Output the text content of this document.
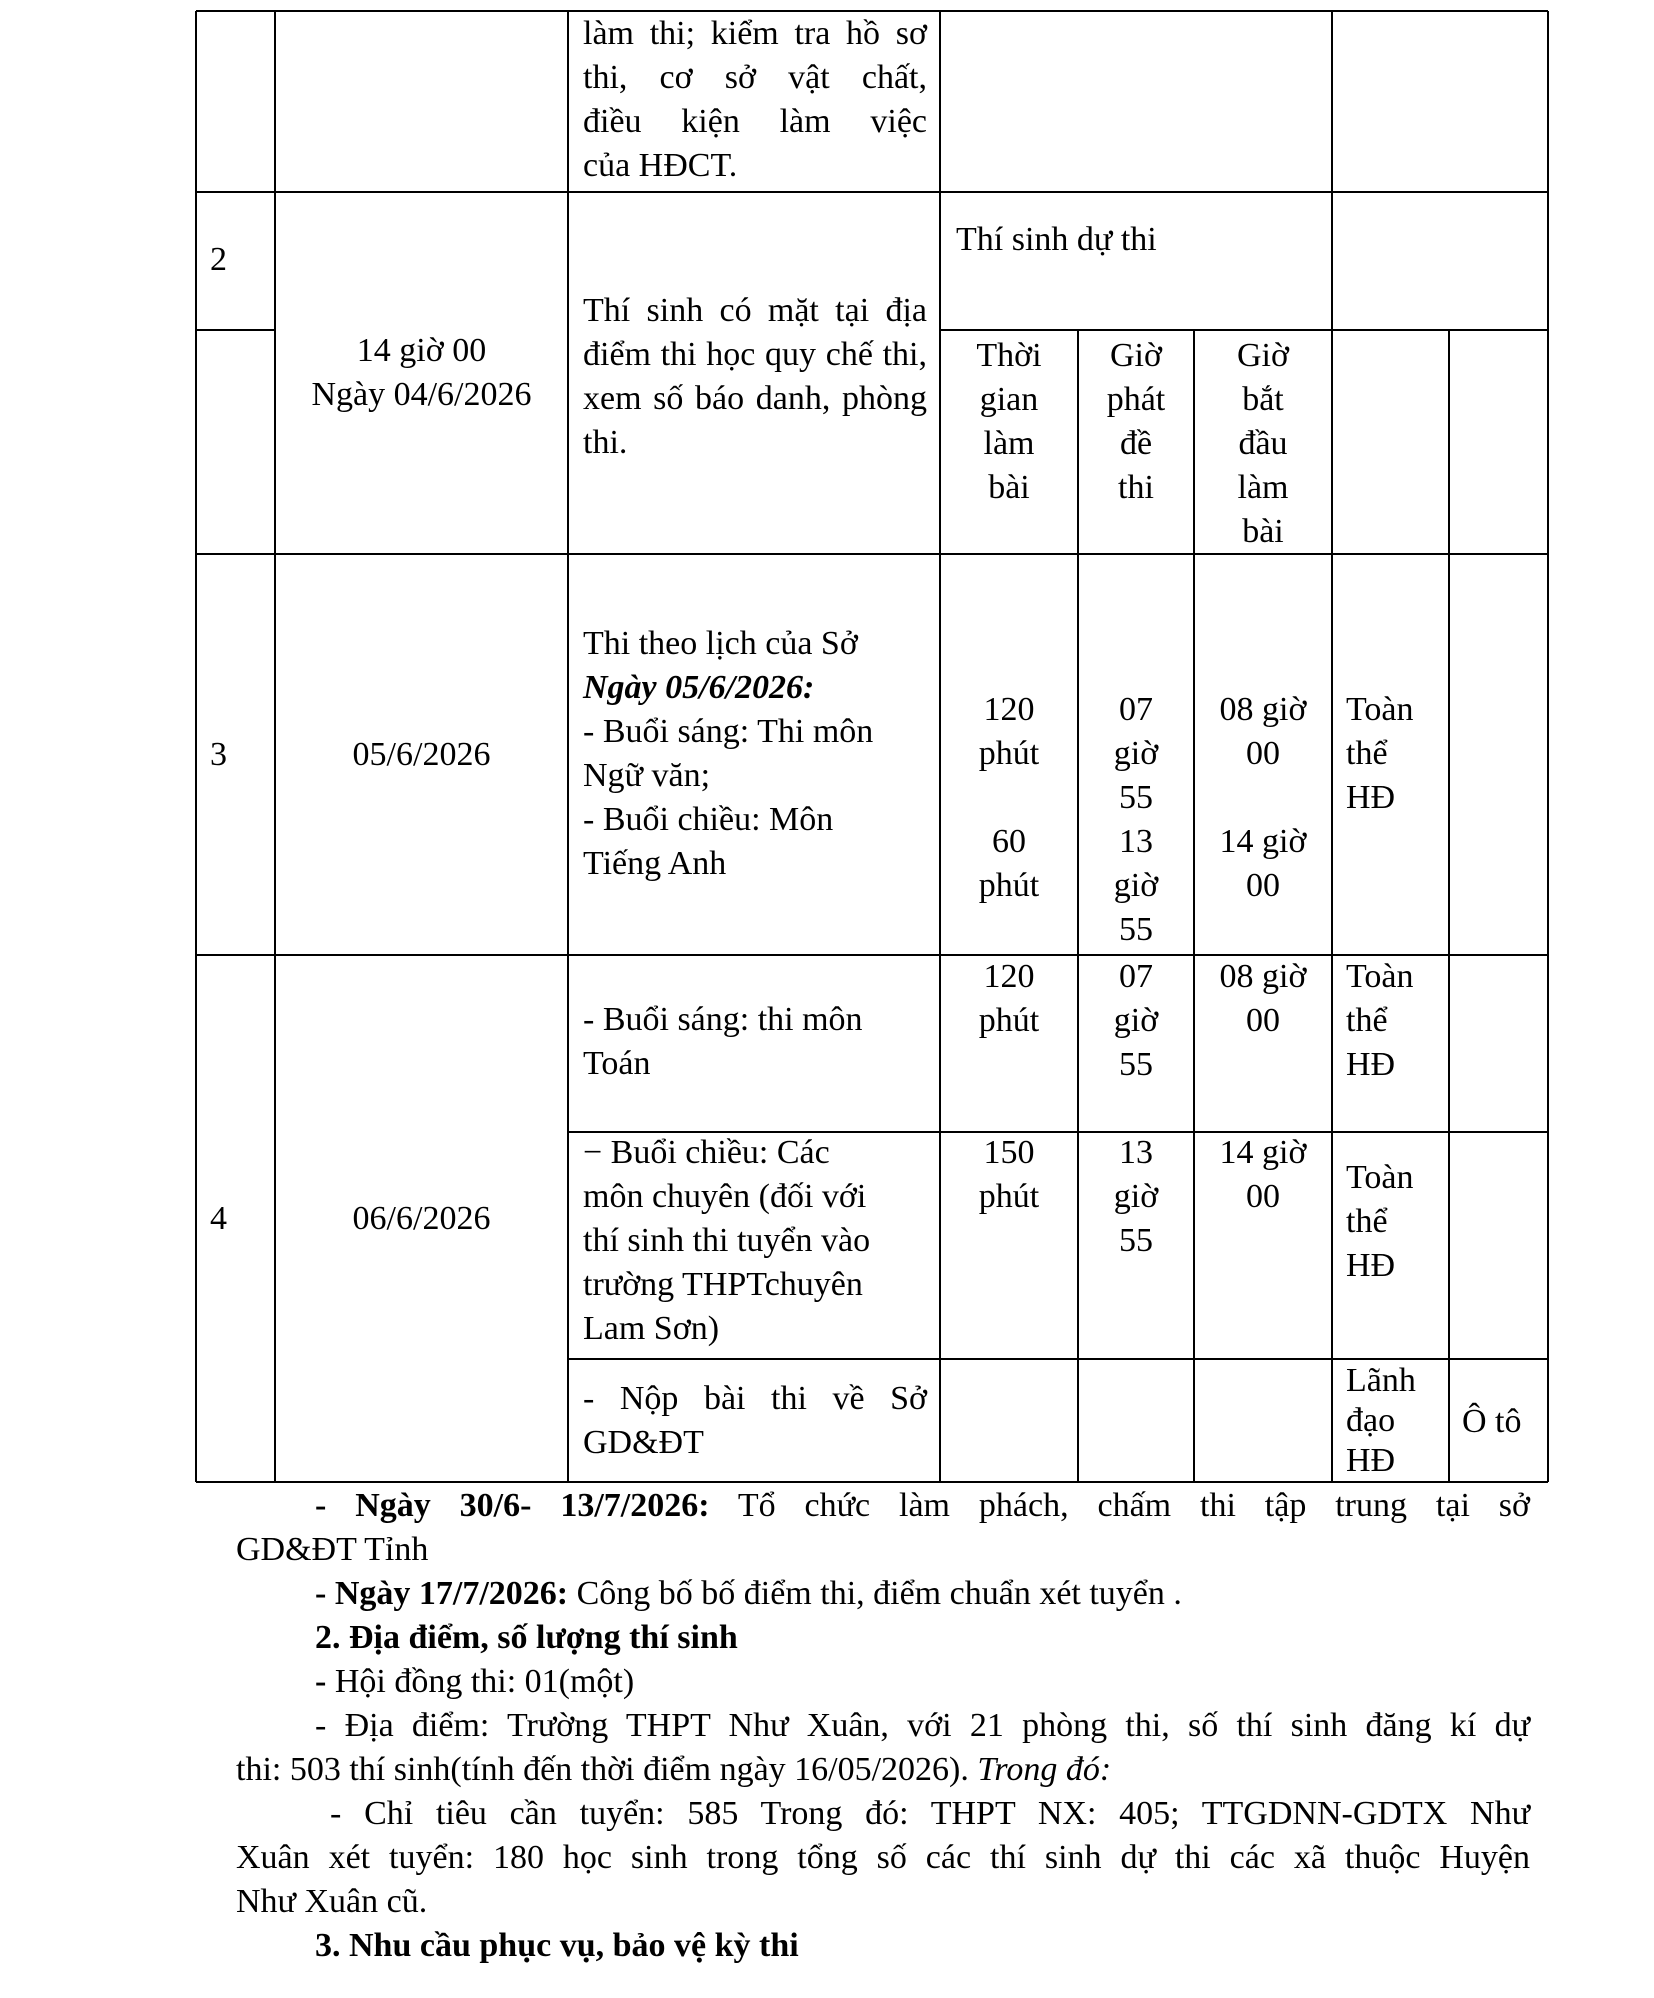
làm thi; kiểm tra hồ sơ
thi, cơ sở vật chất,
điều kiện làm việc
của HĐCT.
2
14 giờ 00
Ngày 04/6/2026
Thí sinh có mặt tại địa
điểm thi học quy chế thi,
xem số báo danh, phòng
thi.
Thí sinh dự thi
Thời
gian
làm
bài
Giờ
phát
đề
thi
Giờ
bắt
đầu
làm
bài
3	05/6/2026
Thi theo lịch của Sở
Ngày 05/6/2026:
- Buổi sáng: Thi môn
Ngữ văn;
- Buổi chiều: Môn
Tiếng Anh
120
phút
60
phút
07
giờ
55
13
giờ
55
08 giờ
00
14 giờ
00
Toàn
thể
HĐ
4	06/6/2026
- Buổi sáng: thi môn
Toán
120
phút
07
giờ
55
08 giờ
00
Toàn
thể
HĐ
− Buổi chiều: Các
môn chuyên (đối với
thí sinh thi tuyển vào
trường THPTchuyên
Lam Sơn)
150
phút
13
giờ
55
14 giờ
00
Toàn
thể
HĐ
- Nộp bài thi về Sở
GD&ĐT
Lãnh
đạo
HĐ
Ô tô

- Ngày 30/6- 13/7/2026: Tổ chức làm phách, chấm thi tập trung tại sở

GD&ĐT Tỉnh

- Ngày 17/7/2026: Công bố bố điểm thi, điểm chuẩn xét tuyển .

2. Địa điểm, số lượng thí sinh

- Hội đồng thi: 01(một)

- Địa điểm: Trường THPT Như Xuân, với 21 phòng thi, số thí sinh đăng kí dự

thi: 503 thí sinh(tính đến thời điểm ngày 16/05/2026). Trong đó:

- Chỉ tiêu cần tuyển: 585 Trong đó: THPT NX: 405; TTGDNN-GDTX Như

Xuân xét tuyển: 180 học sinh trong tổng số các thí sinh dự thi các xã thuộc Huyện

Như Xuân cũ.

3. Nhu cầu phục vụ, bảo vệ kỳ thi
